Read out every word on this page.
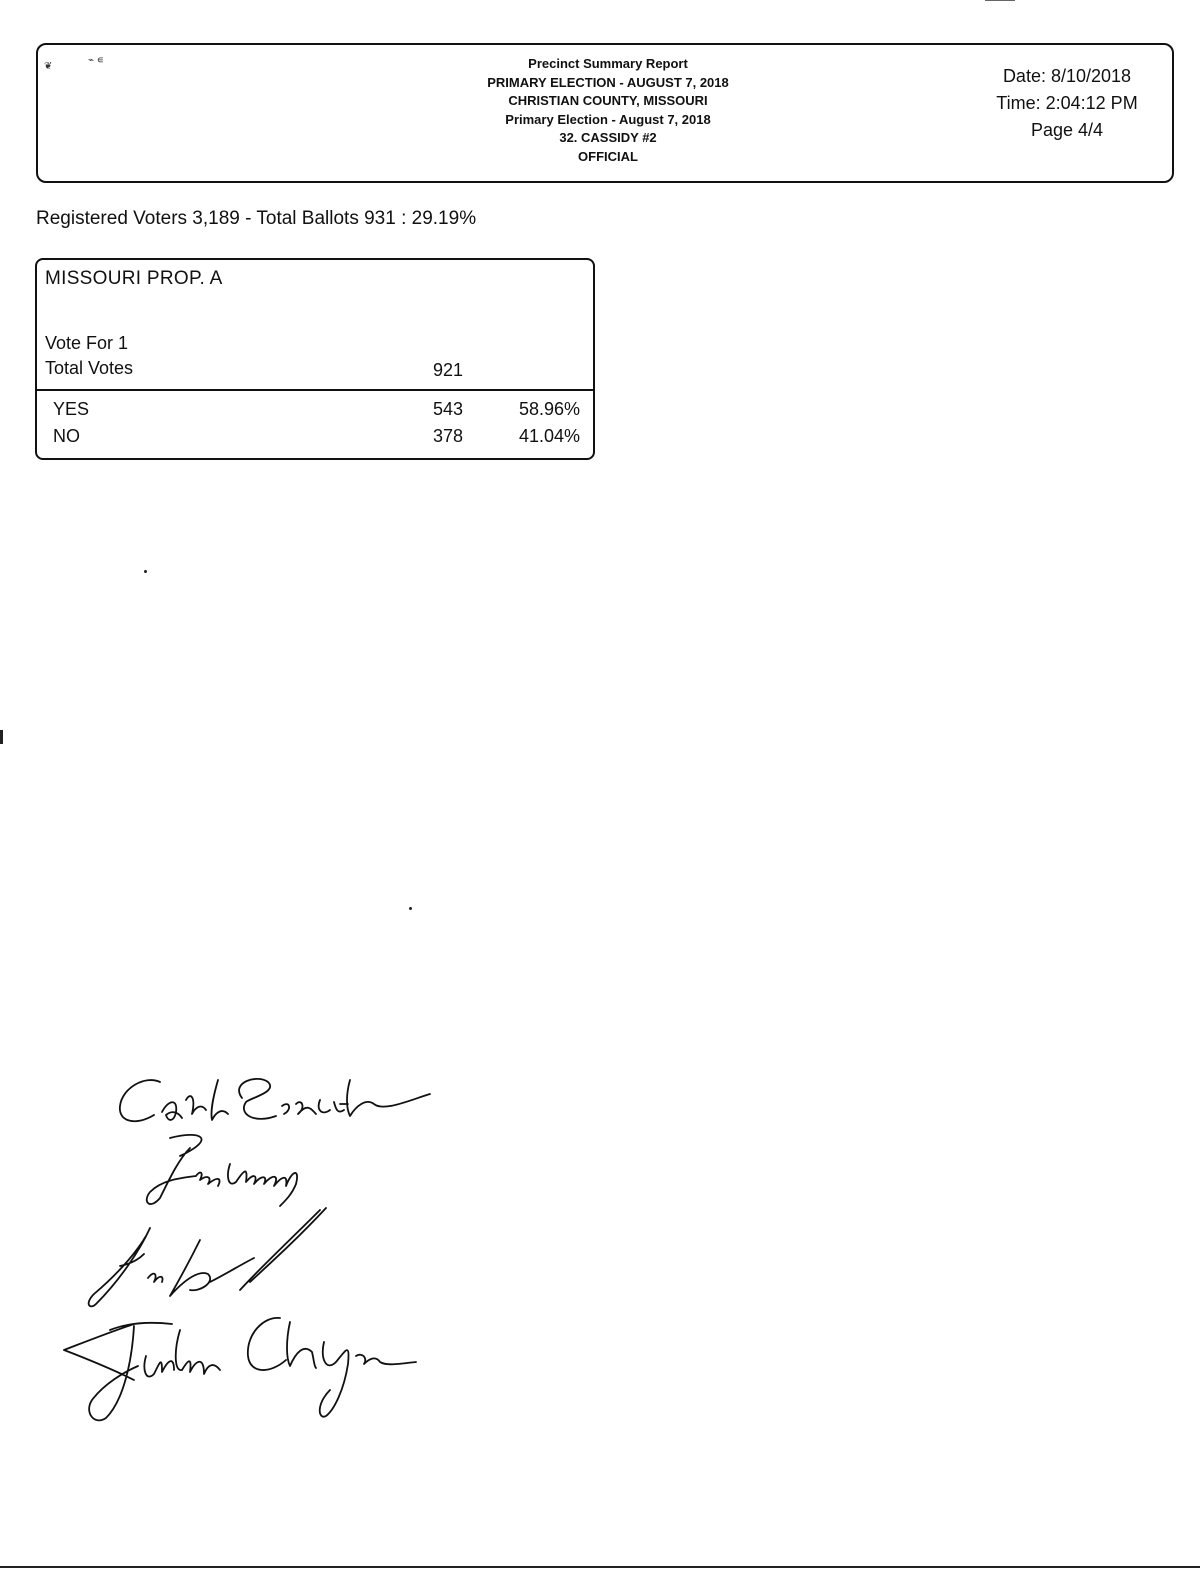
❦
⌁ ∊	Precinct Summary Report
PRIMARY ELECTION - AUGUST 7, 2018
CHRISTIAN COUNTY, MISSOURI
Primary Election - August 7, 2018
32. CASSIDY #2
OFFICIAL
Date: 8/10/2018
Time: 2:04:12 PM
Page 4/4
Registered Voters 3,189 - Total Ballots 931 : 29.19%
MISSOURI PROP. A
Vote For 1
Total Votes	921
YES	543	58.96%
NO	378	41.04%
